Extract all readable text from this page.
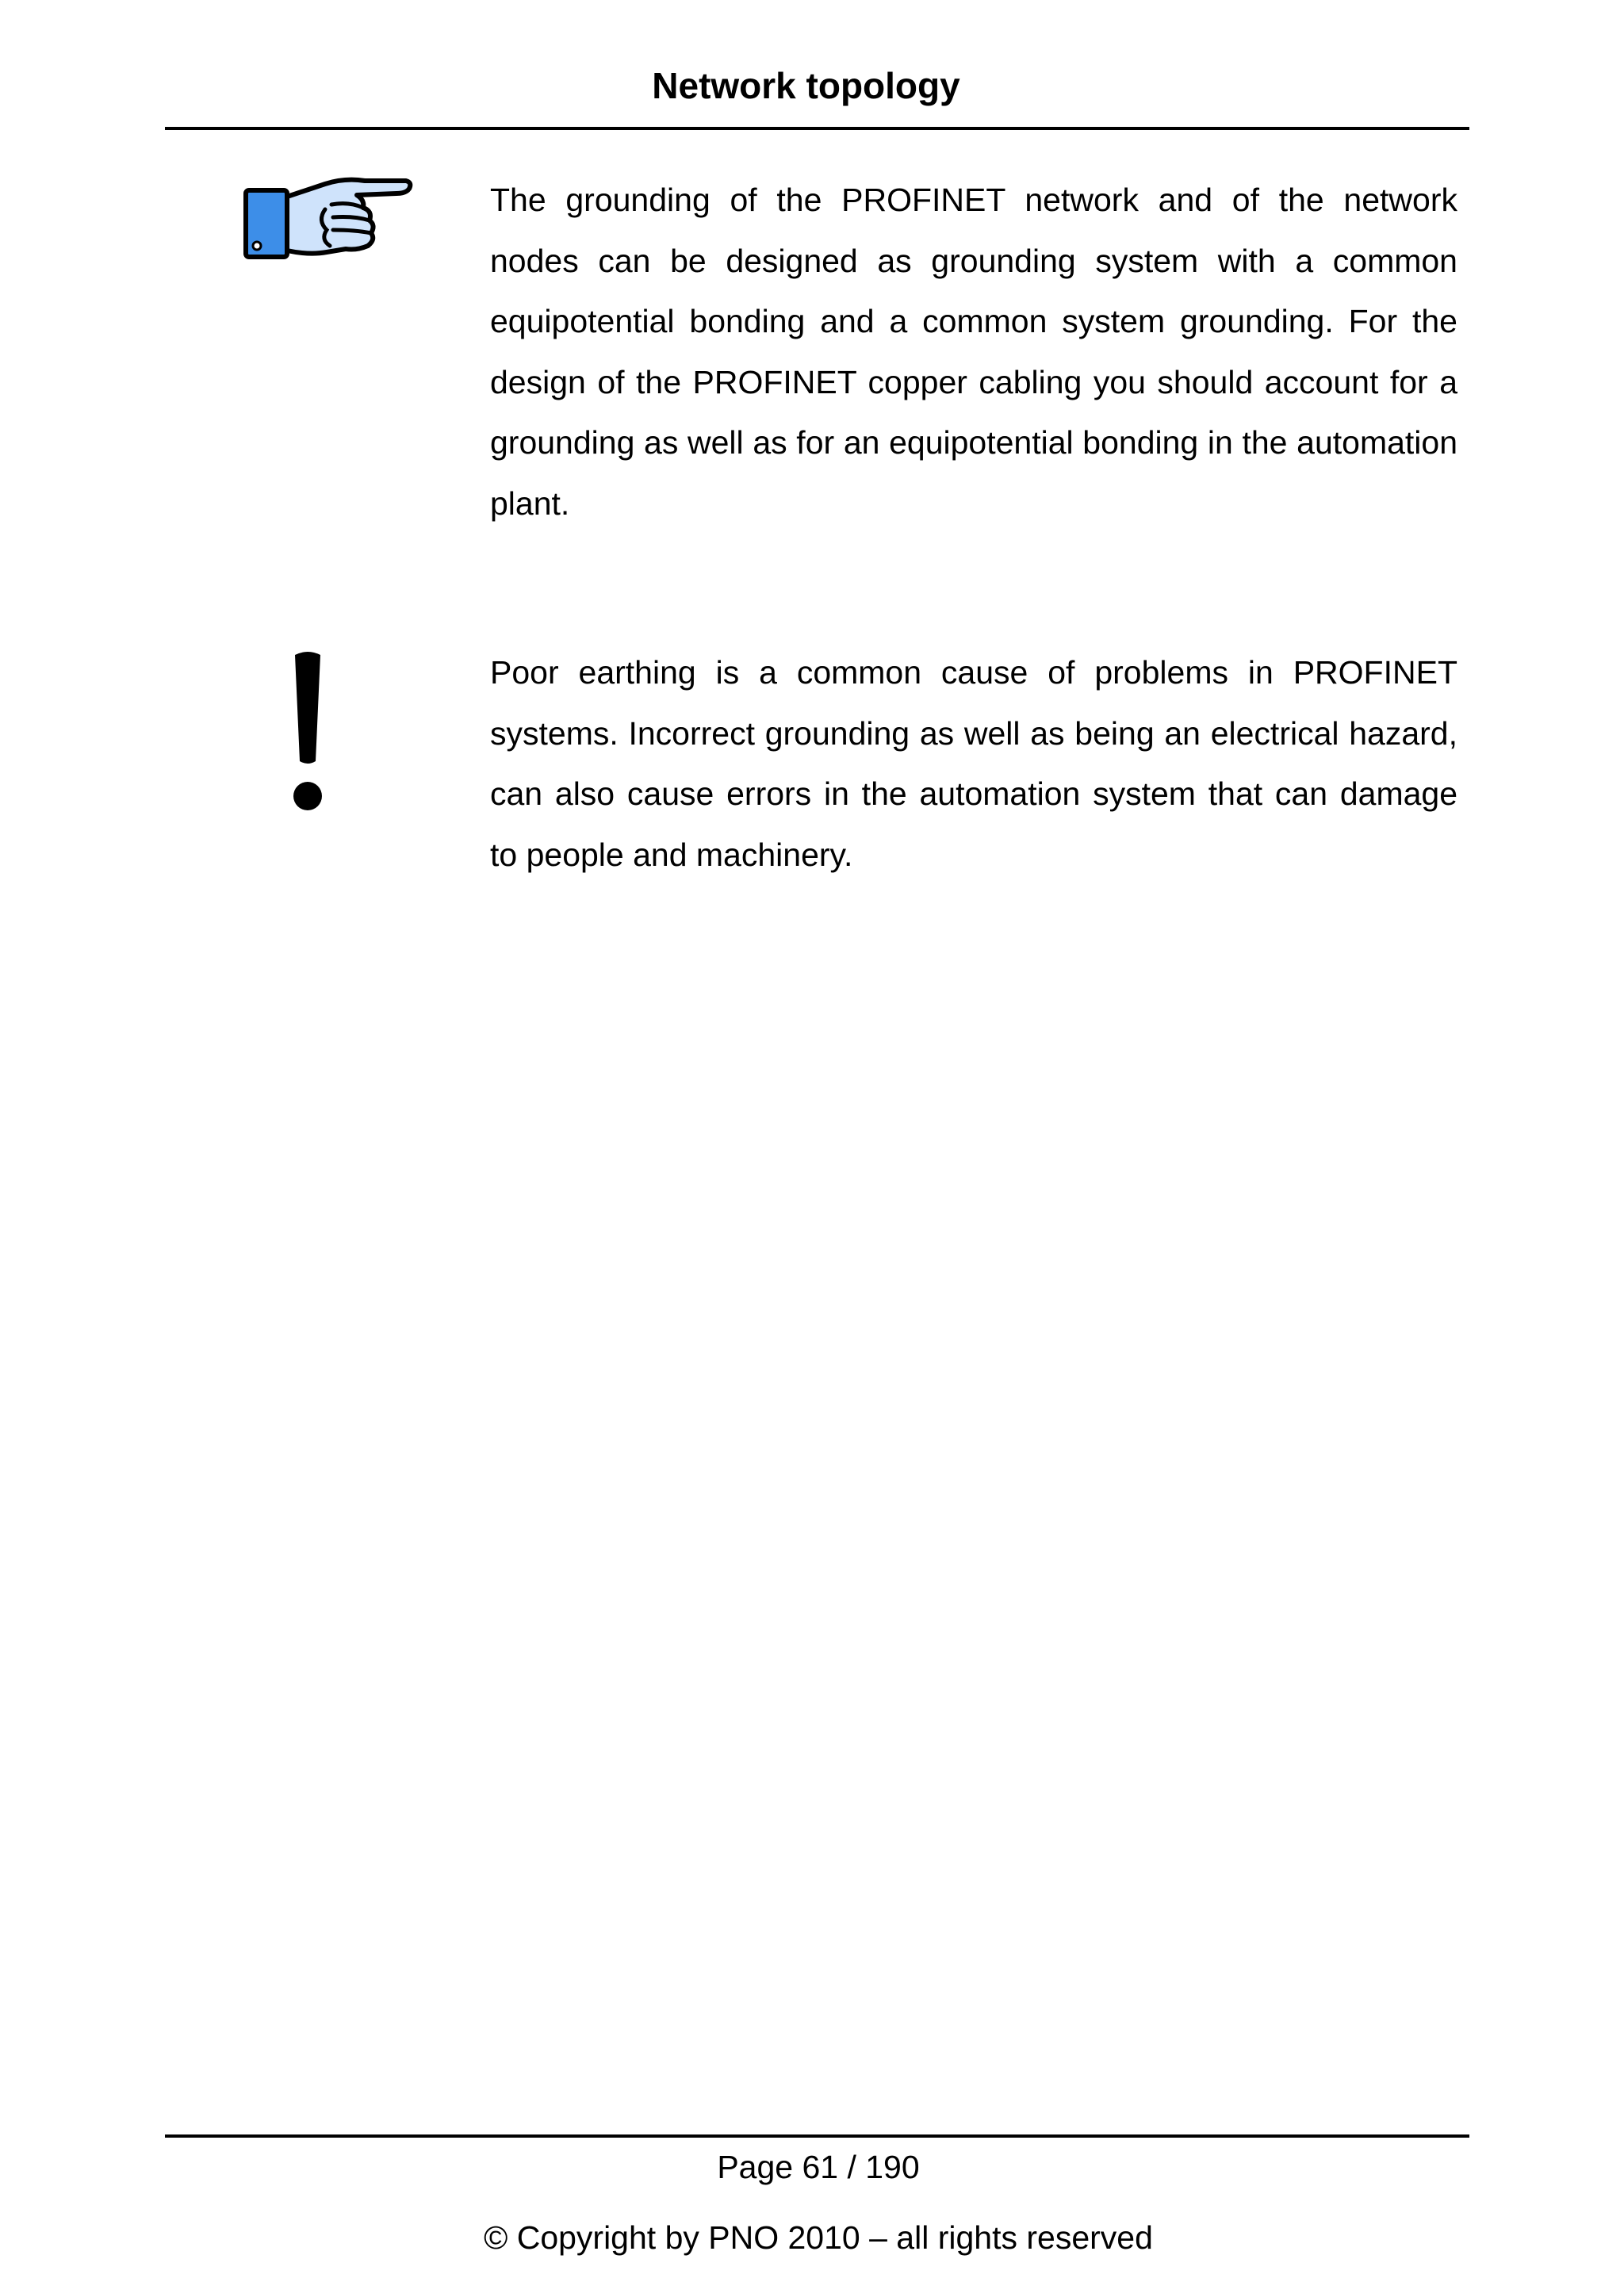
Network topology
The grounding of the PROFINET network and of the network nodes can be designed as grounding system with a common equipotential bonding and a common system grounding. For the design of the PROFINET copper cabling you should account for a grounding as well as for an equipotential bonding in the automation plant.
Poor earthing is a common cause of problems in PROFINET systems. Incorrect grounding as well as being an electrical hazard, can also cause errors in the automation system that can damage to people and machinery.
Page 61 / 190
© Copyright by PNO 2010 – all rights reserved
